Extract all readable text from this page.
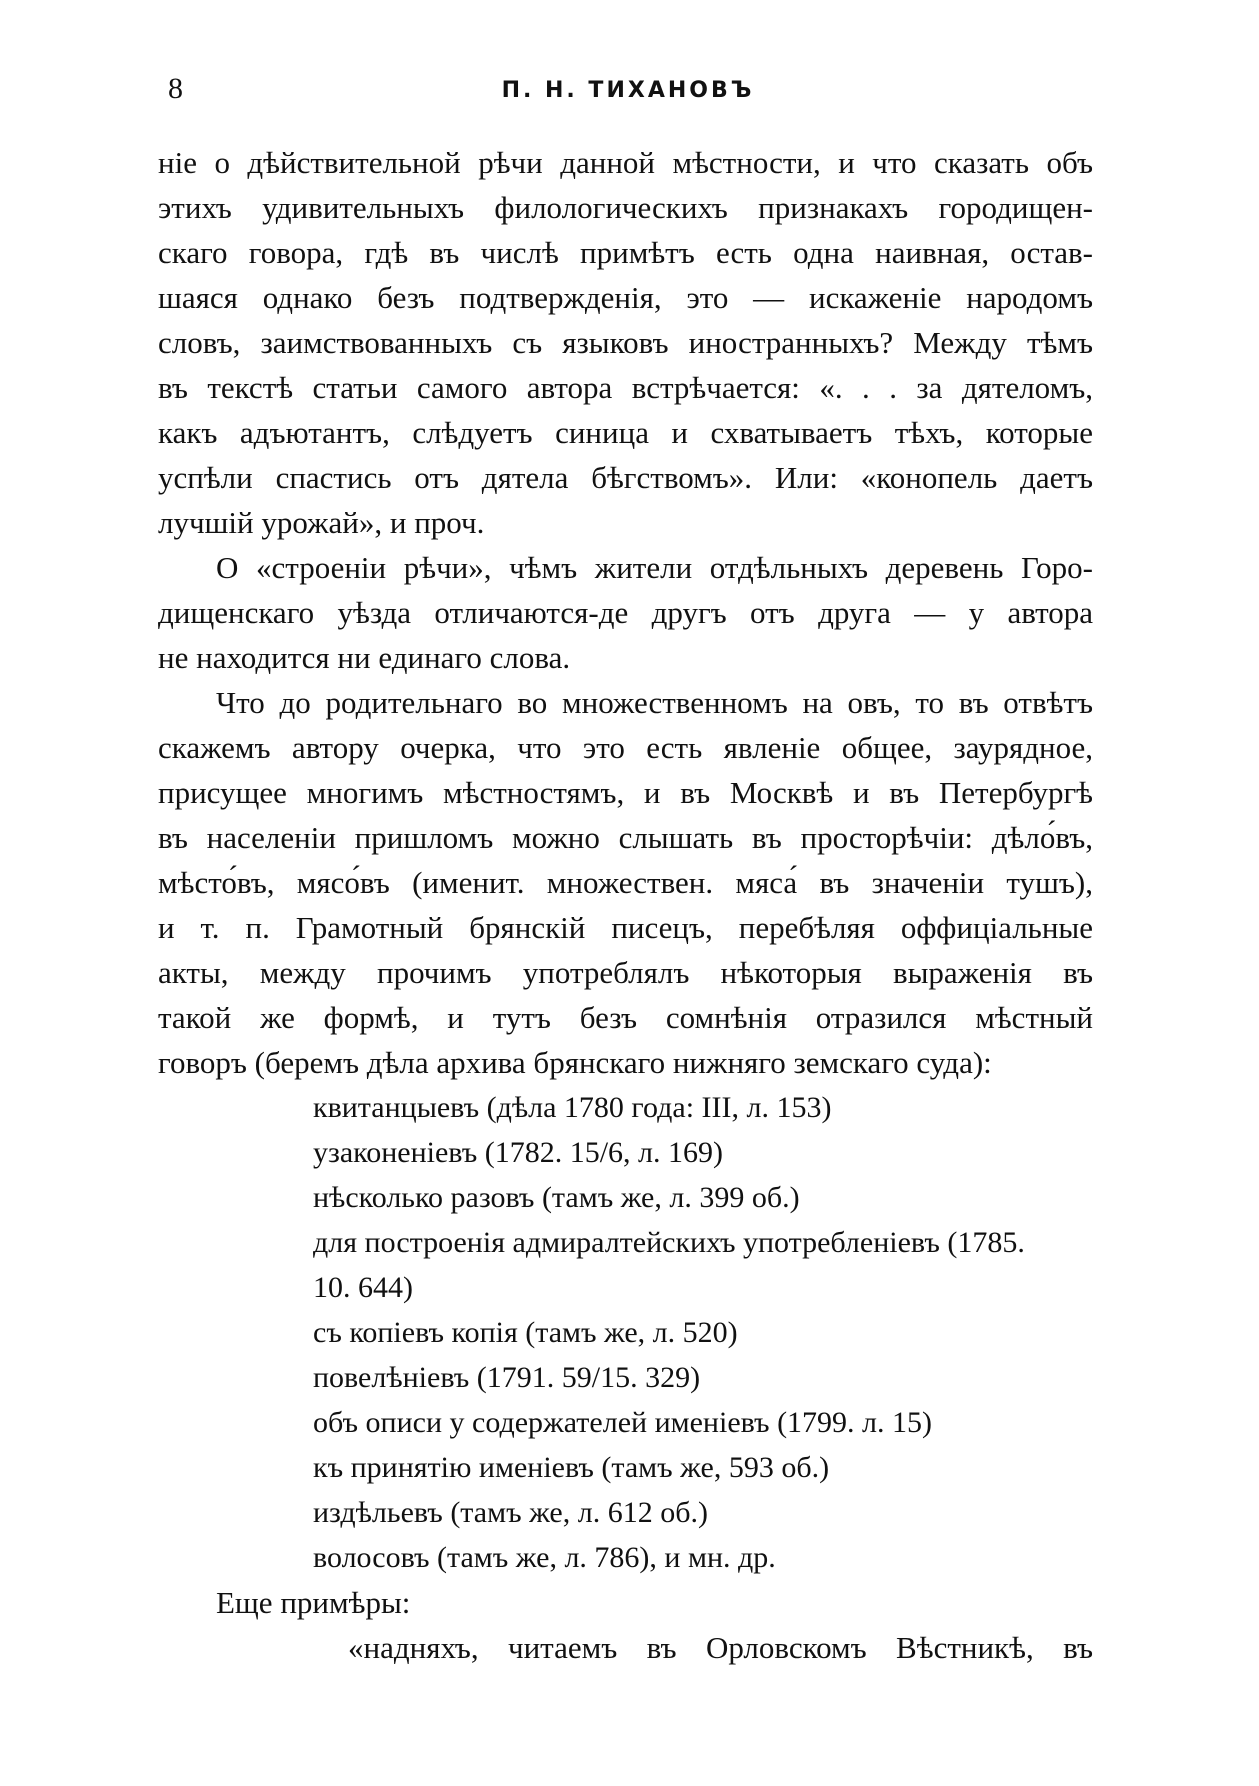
8	П. Н. ТИХАНОВЪ

ніе о дѣйствительной рѣчи данной мѣстности, и что сказать объ
этихъ удивительныхъ филологическихъ признакахъ городищен-
скаго говора, гдѣ въ числѣ примѣтъ есть одна наивная, остав-
шаяся однако безъ подтвержденія, это — искаженіе народомъ
словъ, заимствованныхъ съ языковъ иностранныхъ? Между тѣмъ
въ текстѣ статьи самого автора встрѣчается: «. . . за дятеломъ,
какъ адъютантъ, слѣдуетъ синица и схватываетъ тѣхъ, которые
успѣли спастись отъ дятела бѣгствомъ». Или: «конопель даетъ
лучшій урожай», и проч.

О «строеніи рѣчи», чѣмъ жители отдѣльныхъ деревень Горо-
дищенскаго уѣзда отличаются-де другъ отъ друга — у автора
не находится ни единаго слова.

Что до родительнаго во множественномъ на овъ, то въ отвѣтъ
скажемъ автору очерка, что это есть явленіе общее, заурядное,
присущее многимъ мѣстностямъ, и въ Москвѣ и въ Петербургѣ
въ населеніи пришломъ можно слышать въ просторѣчіи: дѣло́въ,
мѣсто́въ, мясо́въ (именит. множествен. мяса́ въ значеніи тушъ),
и т. п. Грамотный брянскій писецъ, перебѣляя оффиціальные
акты, между прочимъ употреблялъ нѣкоторыя выраженія въ
такой же формѣ, и тутъ безъ сомнѣнія отразился мѣстный
говоръ (беремъ дѣла архива брянскаго нижняго земскаго суда):

квитанцыевъ (дѣла 1780 года: III, л. 153)
узаконеніевъ (1782. 15/6, л. 169)
нѣсколько разовъ (тамъ же, л. 399 об.)
для построенія адмиралтейскихъ употребленіевъ (1785.
10. 644)
съ копіевъ копія (тамъ же, л. 520)
повелѣніевъ (1791. 59/15. 329)
объ описи у содержателей имeніевъ (1799. л. 15)
къ принятію имeніевъ (тамъ же, 593 об.)
издѣльевъ (тамъ же, л. 612 об.)
волосовъ (тамъ же, л. 786), и мн. др.
Еще примѣры:
«надняхъ, читаемъ въ Орловскомъ Вѣстникѣ, въ
